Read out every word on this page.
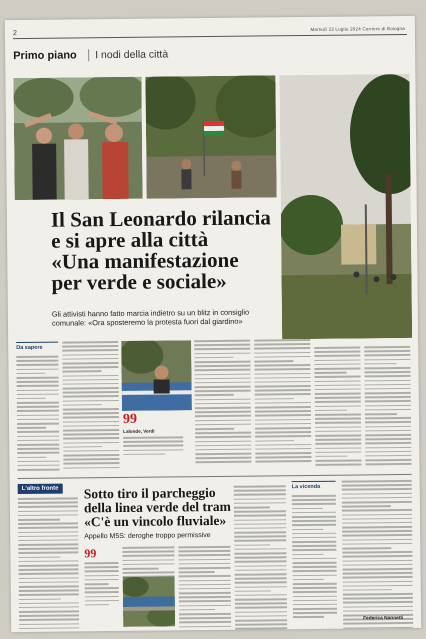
2
Martedì 23 Luglio 2024 Corriere di Bologna
Primo piano I nodi della città
Il San Leonardo rilancia
e si apre alla città
«Una manifestazione
per verde e sociale»
Gli attivisti hanno fatto marcia indietro su un blitz in consiglio
comunale: «Ora sposteremo la protesta fuori dal giardino»
Da sapere
99
Lalonde, Verdi
L'altro fronte Sotto tiro il parcheggio
della linea verde del tram
«C'è un vincolo fluviale»
Appello M5S: deroghe troppo permissive
99
La vicenda
Federica Nannetti
